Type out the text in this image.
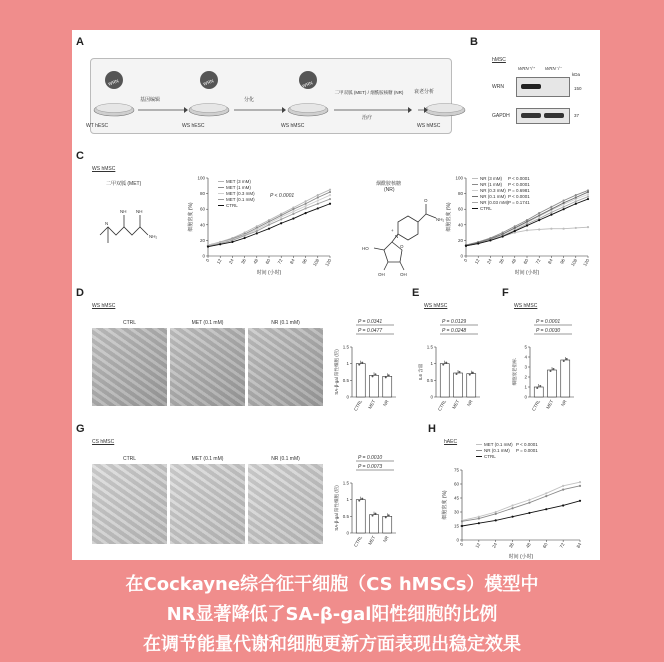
A
WT hESC	WS hESC	WS hMSC	WS hMSC
基因编辑	分化
二甲双胍 (MET) / 烟酰胺核糖 (NR)
治疗
衰老分析
WRN	WRN	WRN
B
hMSC
WRN⁺/⁺ WRN⁻/⁻
kDa
WRN
GAPDH
150
37
C
WS hMSC
二甲双胍 (MET)
NH NH
N
NH₂
0
20
40
60
80
100
0 12 24 36 48 60 72 84 96 108 120
时间 (小时)
细胞密度 (%)
MET (3 mM)
MET (1 mM)
MET (0.3 mM)
MET (0.1 mM)
CTRL
P < 0.0001
烟酰胺核糖
(NR)
O
NH₂
N
+
O
HO
OH	OH
0
20
40
60
80
100
0 12 24 36 48 60 72 84 96 108 120
时间 (小时)
细胞密度 (%)
NR (3 mM) P < 0.0001
NR (1 mM) P < 0.0001
NR (0.3 mM) P = 0.6981
NR (0.1 mM) P < 0.0001
NR (0.03 mM) P = 0.1741
CTRL
D
WS hMSC
CTRL	MET (0.1 mM)	NR (0.1 mM)
0
0.5
1
1.5
CTRL MET NR
SA-β-gal 阳性细胞 (倍)
P = 0.0341
P = 0.0477
E
WS hMSC
0
0.5
1
1.5
CTRL MET NR
IL6 含量
P = 0.0129
P = 0.0248
F
WS hMSC
0
1
2
3
4
5
CTRL MET NR
细胞衰老指标
P = 0.0001
P = 0.0030
G
CS hMSC
CTRL	MET (0.1 mM)	NR (0.1 mM)
0
0.5
1
1.5
CTRL MET NR
SA-β-gal 阳性细胞 (倍)
P = 0.0010
P = 0.0073
H
hAEC
0
15
30
45
60
75
0 12 24 36 48 60 72 84
时间 (小时)
细胞密度 (%)
MET (0.1 mM) P < 0.0001
NR (0.1 mM) P = 0.0001
CTRL
在Cockayne综合征干细胞（CS hMSCs）模型中
NR显著降低了SA-β-gal阳性细胞的比例
在调节能量代谢和细胞更新方面表现出稳定效果
